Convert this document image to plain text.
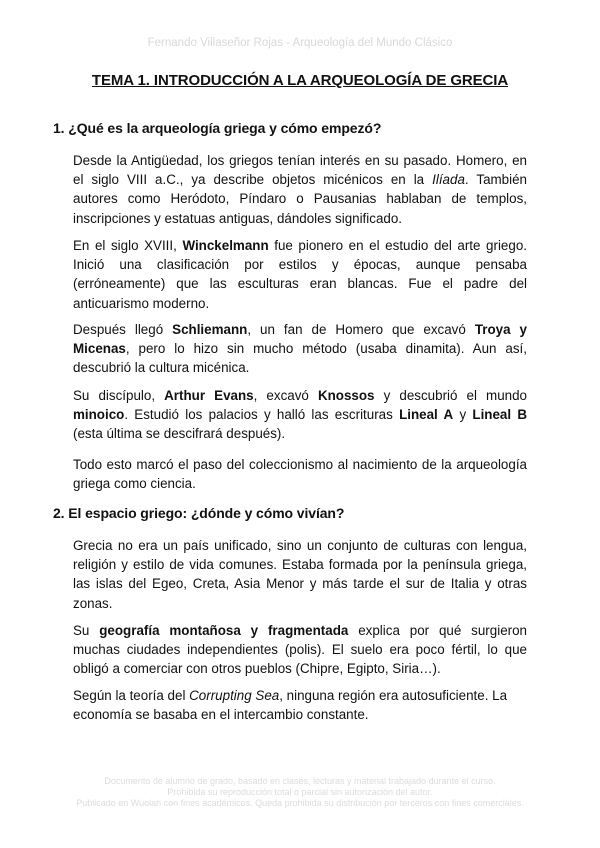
Fernando Villaseñor Rojas - Arqueología del Mundo Clásico
TEMA 1. INTRODUCCIÓN A LA ARQUEOLOGÍA DE GRECIA
1. ¿Qué es la arqueología griega y cómo empezó?

Desde la Antigüedad, los griegos tenían interés en su pasado. Homero, en el siglo VIII a.C., ya describe objetos micénicos en la Ilíada. También autores como Heródoto, Píndaro o Pausanias hablaban de templos, inscripciones y estatuas antiguas, dándoles significado.

En el siglo XVIII, Winckelmann fue pionero en el estudio del arte griego. Inició una clasificación por estilos y épocas, aunque pensaba (erróneamente) que las esculturas eran blancas. Fue el padre del anticuarismo moderno.

Después llegó Schliemann, un fan de Homero que excavó Troya y Micenas, pero lo hizo sin mucho método (usaba dinamita). Aun así, descubrió la cultura micénica.

Su discípulo, Arthur Evans, excavó Knossos y descubrió el mundo minoico. Estudió los palacios y halló las escrituras Lineal A y Lineal B (esta última se descifrará después).

Todo esto marcó el paso del coleccionismo al nacimiento de la arqueología griega como ciencia.

2. El espacio griego: ¿dónde y cómo vivían?

Grecia no era un país unificado, sino un conjunto de culturas con lengua, religión y estilo de vida comunes. Estaba formada por la península griega, las islas del Egeo, Creta, Asia Menor y más tarde el sur de Italia y otras zonas.

Su geografía montañosa y fragmentada explica por qué surgieron muchas ciudades independientes (polis). El suelo era poco fértil, lo que obligó a comerciar con otros pueblos (Chipre, Egipto, Siria…).

Según la teoría del Corrupting Sea, ninguna región era autosuficiente. La economía se basaba en el intercambio constante.

Documento de alumno de grado, basado en clases, lecturas y material trabajado durante el curso.
Prohibida su reproducción total o parcial sin autorización del autor.
Publicado en Wuolah con fines académicos. Queda prohibida su distribución por terceros con fines comerciales.
